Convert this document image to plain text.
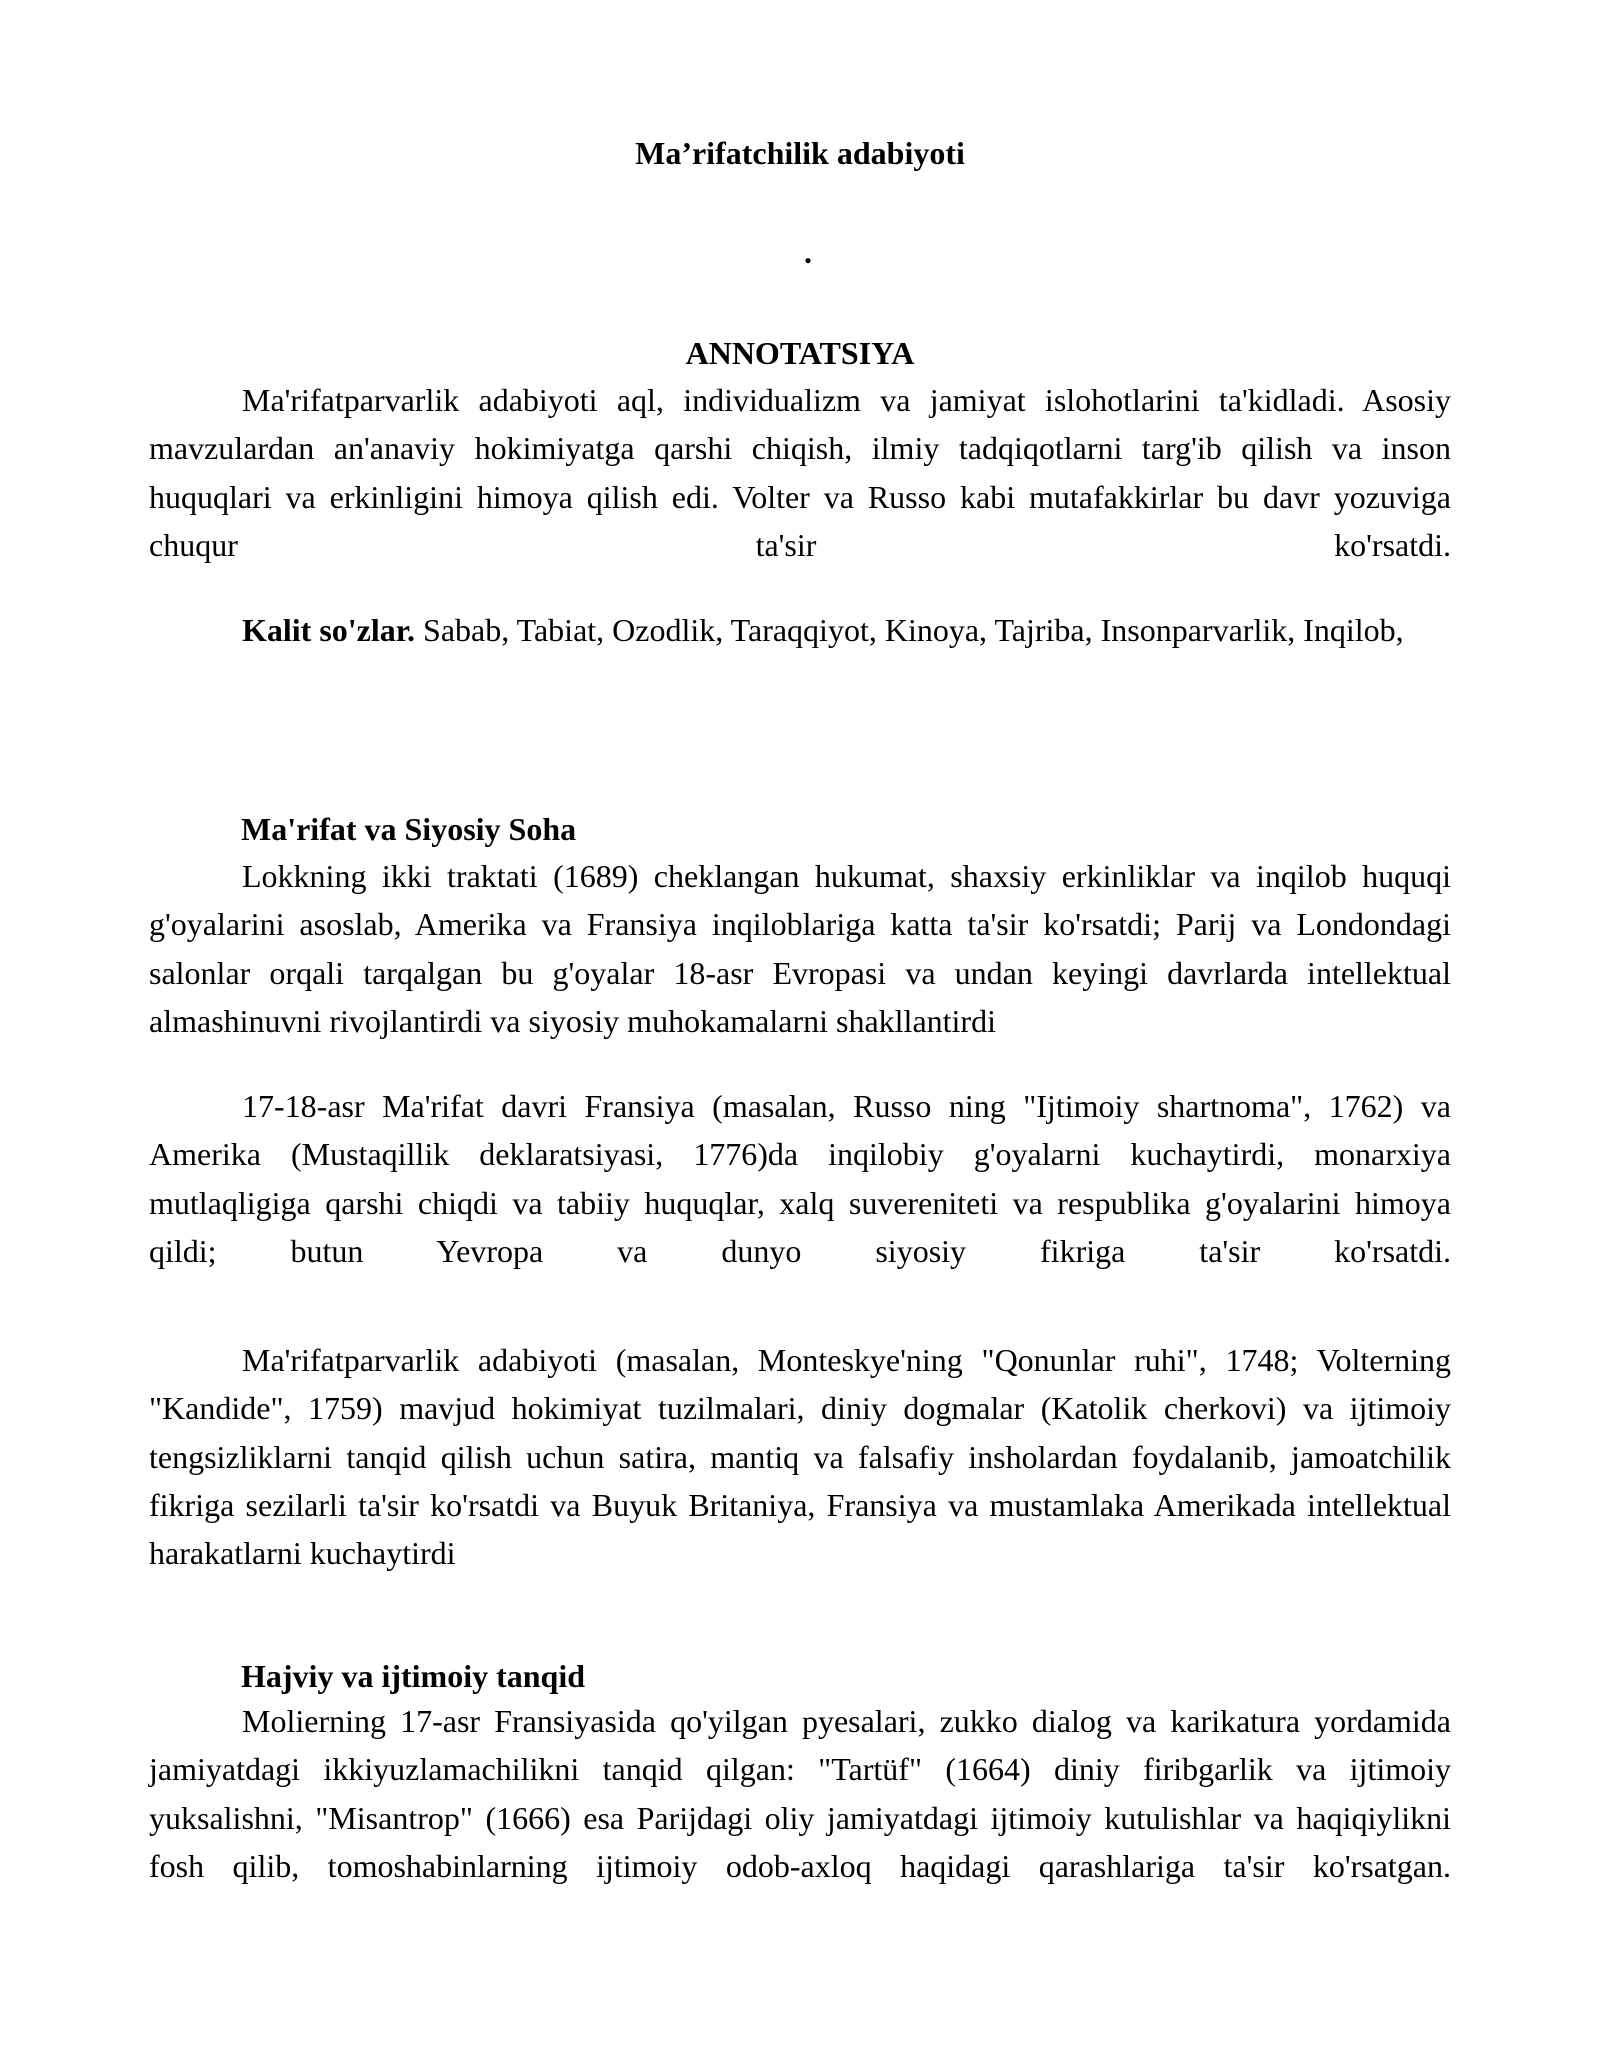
Ma’rifatchilik adabiyoti
.
ANNOTATSIYA

Ma'rifatparvarlik adabiyoti aql, individualizm va jamiyat islohotlarini ta'kidladi. Asosiy mavzulardan an'anaviy hokimiyatga qarshi chiqish, ilmiy tadqiqotlarni targ'ib qilish va inson huquqlari va erkinligini himoya qilish edi. Volter va Russo kabi mutafakkirlar bu davr yozuviga chuqur ta'sir ko'rsatdi.

Kalit so'zlar. Sabab, Tabiat, Ozodlik, Taraqqiyot, Kinoya, Tajriba, Insonparvarlik, Inqilob,

Ma'rifat va Siyosiy Soha

Lokkning ikki traktati (1689) cheklangan hukumat, shaxsiy erkinliklar va inqilob huquqi g'oyalarini asoslab, Amerika va Fransiya inqiloblariga katta ta'sir ko'rsatdi; Parij va Londondagi salonlar orqali tarqalgan bu g'oyalar 18-asr Evropasi va undan keyingi davrlarda intellektual almashinuvni rivojlantirdi va siyosiy muhokamalarni shakllantirdi

17-18-asr Ma'rifat davri Fransiya (masalan, Russo ning "Ijtimoiy shartnoma", 1762) va Amerika (Mustaqillik deklaratsiyasi, 1776)da inqilobiy g'oyalarni kuchaytirdi, monarxiya mutlaqligiga qarshi chiqdi va tabiiy huquqlar, xalq suvereniteti va respublika g'oyalarini himoya qildi; butun Yevropa va dunyo siyosiy fikriga ta'sir ko'rsatdi.

Ma'rifatparvarlik adabiyoti (masalan, Monteskye'ning "Qonunlar ruhi", 1748; Volterning "Kandide", 1759) mavjud hokimiyat tuzilmalari, diniy dogmalar (Katolik cherkovi) va ijtimoiy tengsizliklarni tanqid qilish uchun satira, mantiq va falsafiy insholardan foydalanib, jamoatchilik fikriga sezilarli ta'sir ko'rsatdi va Buyuk Britaniya, Fransiya va mustamlaka Amerikada intellektual harakatlarni kuchaytirdi

Hajviy va ijtimoiy tanqid

Molierning 17-asr Fransiyasida qo'yilgan pyesalari, zukko dialog va karikatura yordamida jamiyatdagi ikkiyuzlamachilikni tanqid qilgan: "Tartüf" (1664) diniy firibgarlik va ijtimoiy yuksalishni, "Misantrop" (1666) esa Parijdagi oliy jamiyatdagi ijtimoiy kutulishlar va haqiqiylikni fosh qilib, tomoshabinlarning ijtimoiy odob-axloq haqidagi qarashlariga ta'sir ko'rsatgan.
